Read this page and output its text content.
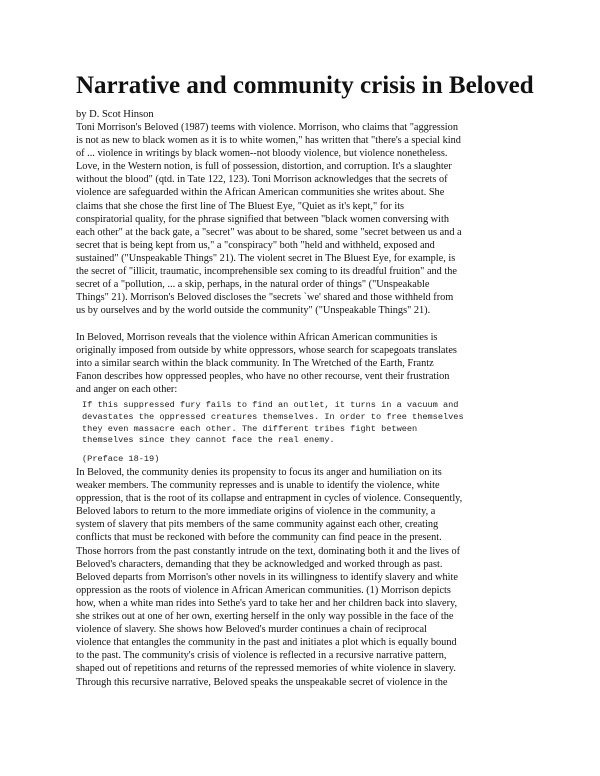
Narrative and community crisis in Beloved
by D. Scot Hinson
Toni Morrison's Beloved (1987) teems with violence. Morrison, who claims that "aggression
is not as new to black women as it is to white women," has written that "there's a special kind
of ... violence in writings by black women--not bloody violence, but violence nonetheless.
Love, in the Western notion, is full of possession, distortion, and corruption. It's a slaughter
without the blood" (qtd. in Tate 122, 123). Toni Morrison acknowledges that the secrets of
violence are safeguarded within the African American communities she writes about. She
claims that she chose the first line of The Bluest Eye, "Quiet as it's kept," for its
conspiratorial quality, for the phrase signified that between "black women conversing with
each other" at the back gate, a "secret" was about to be shared, some "secret between us and a
secret that is being kept from us," a "conspiracy" both "held and withheld, exposed and
sustained" ("Unspeakable Things" 21). The violent secret in The Bluest Eye, for example, is
the secret of "illicit, traumatic, incomprehensible sex coming to its dreadful fruition" and the
secret of a "pollution, ... a skip, perhaps, in the natural order of things" ("Unspeakable
Things" 21). Morrison's Beloved discloses the "secrets `we' shared and those withheld from
us by ourselves and by the world outside the community" ("Unspeakable Things" 21).
In Beloved, Morrison reveals that the violence within African American communities is
originally imposed from outside by white oppressors, whose search for scapegoats translates
into a similar search within the black community. In The Wretched of the Earth, Frantz
Fanon describes how oppressed peoples, who have no other recourse, vent their frustration
and anger on each other:
If this suppressed fury fails to find an outlet, it turns in a vacuum and
devastates the oppressed creatures themselves. In order to free themselves
they even massacre each other. The different tribes fight between
themselves since they cannot face the real enemy.
(Preface 18-19)
In Beloved, the community denies its propensity to focus its anger and humiliation on its
weaker members. The community represses and is unable to identify the violence, white
oppression, that is the root of its collapse and entrapment in cycles of violence. Consequently,
Beloved labors to return to the more immediate origins of violence in the community, a
system of slavery that pits members of the same community against each other, creating
conflicts that must be reckoned with before the community can find peace in the present.
Those horrors from the past constantly intrude on the text, dominating both it and the lives of
Beloved's characters, demanding that they be acknowledged and worked through as past.
Beloved departs from Morrison's other novels in its willingness to identify slavery and white
oppression as the roots of violence in African American communities. (1) Morrison depicts
how, when a white man rides into Sethe's yard to take her and her children back into slavery,
she strikes out at one of her own, exerting herself in the only way possible in the face of the
violence of slavery. She shows how Beloved's murder continues a chain of reciprocal
violence that entangles the community in the past and initiates a plot which is equally bound
to the past. The community's crisis of violence is reflected in a recursive narrative pattern,
shaped out of repetitions and returns of the repressed memories of white violence in slavery.
Through this recursive narrative, Beloved speaks the unspeakable secret of violence in the
